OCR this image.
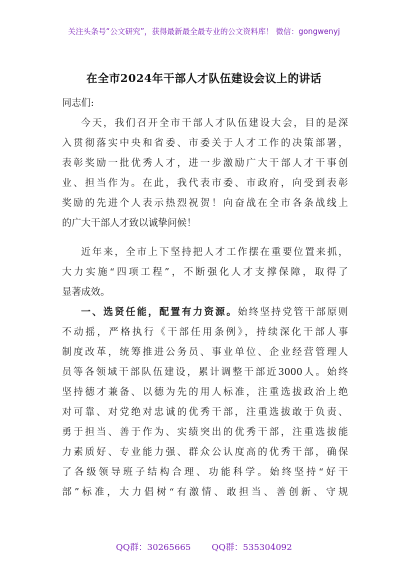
关注头条号“公文研究”，获得最新最全最专业的公文资料库！ 微信：gongwenyj
在全市2024年干部人才队伍建设会议上的讲话
同志们:
今天，我们召开全市干部人才队伍建设大会，目的是深
入贯彻落实中央和省委、市委关于人才工作的决策部署，
表彰奖励一批优秀人才，进一步激励广大干部人才干事创
业、担当作为。在此，我代表市委、市政府，向受到表彰
奖励的先进个人表示热烈祝贺！向奋战在全市各条战线上
的广大干部人才致以诚挚问候！
近年来，全市上下坚持把人才工作摆在重要位置来抓，
大力实施“四项工程”，不断强化人才支撑保障，取得了
显著成效。
一、选贤任能，配置有力资源。始终坚持党管干部原则
不动摇，严格执行《干部任用条例》，持续深化干部人事
制度改革，统筹推进公务员、事业单位、企业经营管理人
员等各领域干部队伍建设，累计调整干部近3000人。始终
坚持德才兼备、以德为先的用人标准，注重选拔政治上绝
对可靠、对党绝对忠诚的优秀干部，注重选拔敢于负责、
勇于担当、善于作为、实绩突出的优秀干部，注重选拔能
力素质好、专业能力强、群众公认度高的优秀干部，确保
了各级领导班子结构合理、功能科学。始终坚持“好干
部”标准，大力倡树“有激情、敢担当、善创新、守规
QQ群：30265665 QQ群：535304092
